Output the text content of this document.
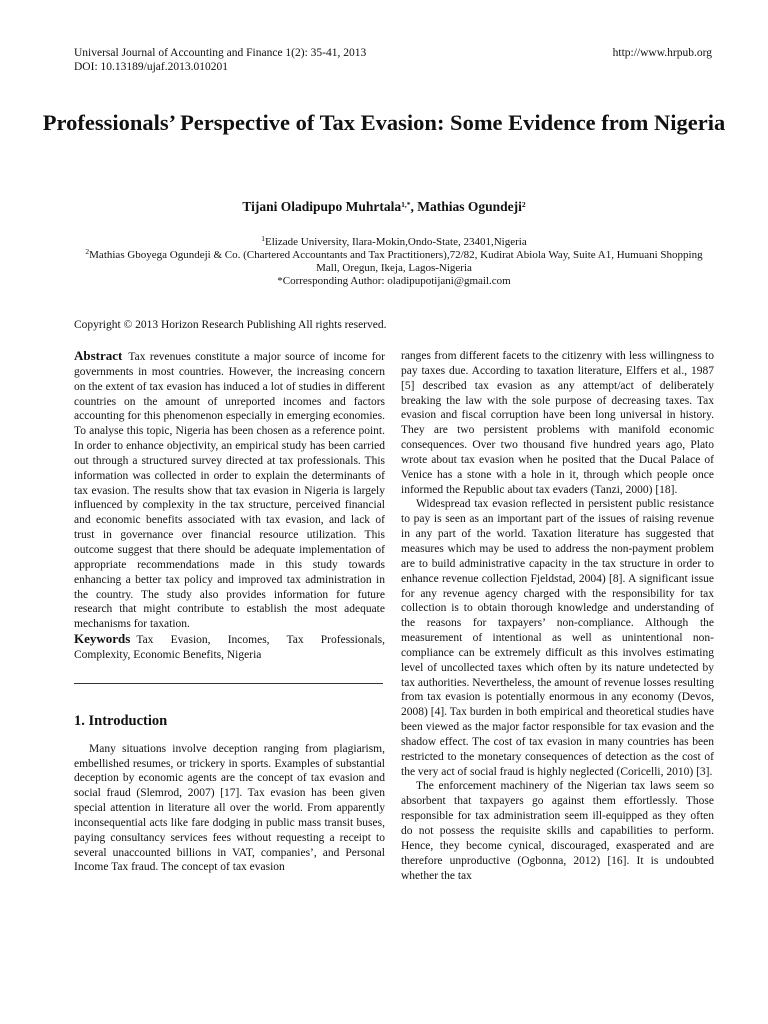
Universal Journal of Accounting and Finance 1(2): 35-41, 2013
DOI: 10.13189/ujaf.2013.010201
http://www.hrpub.org
Professionals’ Perspective of Tax Evasion: Some Evidence from Nigeria
Tijani Oladipupo Muhrtala$^{1,*}$, Mathias Ogundeji$^2$

$^1$Elizade University, Ilara-Mokin,Ondo-State, 23401,Nigeria

$^2$Mathias Gboyega Ogundeji & Co. (Chartered Accountants and Tax Practitioners),72/82, Kudirat Abiola Way, Suite A1, Humuani Shopping Mall, Oregun, Ikeja, Lagos-Nigeria

*Corresponding Author: oladipupotijani@gmail.com

Copyright © 2013 Horizon Research Publishing All rights reserved.

Abstract Tax revenues constitute a major source of income for governments in most countries. However, the increasing concern on the extent of tax evasion has induced a lot of studies in different countries on the amount of unreported incomes and factors accounting for this phenomenon especially in emerging economies. To analyse this topic, Nigeria has been chosen as a reference point. In order to enhance objectivity, an empirical study has been carried out through a structured survey directed at tax professionals. This information was collected in order to explain the determinants of tax evasion. The results show that tax evasion in Nigeria is largely influenced by complexity in the tax structure, perceived financial and economic benefits associated with tax evasion, and lack of trust in governance over financial resource utilization. This outcome suggest that there should be adequate implementation of appropriate recommendations made in this study towards enhancing a better tax policy and improved tax administration in the country. The study also provides information for future research that might contribute to establish the most adequate mechanisms for taxation.

Keywords Tax Evasion, Incomes, Tax Professionals, Complexity, Economic Benefits, Nigeria

1. Introduction

Many situations involve deception ranging from plagiarism, embellished resumes, or trickery in sports. Examples of substantial deception by economic agents are the concept of tax evasion and social fraud (Slemrod, 2007) [17]. Tax evasion has been given special attention in literature all over the world. From apparently inconsequential acts like fare dodging in public mass transit buses, paying consultancy services fees without requesting a receipt to several unaccounted billions in VAT, companies’, and Personal Income Tax fraud. The concept of tax evasion

ranges from different facets to the citizenry with less willingness to pay taxes due. According to taxation literature, Elffers et al., 1987 [5] described tax evasion as any attempt/act of deliberately breaking the law with the sole purpose of decreasing taxes. Tax evasion and fiscal corruption have been long universal in history. They are two persistent problems with manifold economic consequences. Over two thousand five hundred years ago, Plato wrote about tax evasion when he posited that the Ducal Palace of Venice has a stone with a hole in it, through which people once informed the Republic about tax evaders (Tanzi, 2000) [18].

Widespread tax evasion reflected in persistent public resistance to pay is seen as an important part of the issues of raising revenue in any part of the world. Taxation literature has suggested that measures which may be used to address the non-payment problem are to build administrative capacity in the tax structure in order to enhance revenue collection Fjeldstad, 2004) [8]. A significant issue for any revenue agency charged with the responsibility for tax collection is to obtain thorough knowledge and understanding of the reasons for taxpayers’ non-compliance. Although the measurement of intentional as well as unintentional non-compliance can be extremely difficult as this involves estimating level of uncollected taxes which often by its nature undetected by tax authorities. Nevertheless, the amount of revenue losses resulting from tax evasion is potentially enormous in any economy (Devos, 2008) [4]. Tax burden in both empirical and theoretical studies have been viewed as the major factor responsible for tax evasion and the shadow effect. The cost of tax evasion in many countries has been restricted to the monetary consequences of detection as the cost of the very act of social fraud is highly neglected (Coricelli, 2010) [3].

The enforcement machinery of the Nigerian tax laws seem so absorbent that taxpayers go against them effortlessly. Those responsible for tax administration seem ill-equipped as they often do not possess the requisite skills and capabilities to perform. Hence, they become cynical, discouraged, exasperated and are therefore unproductive (Ogbonna, 2012) [16]. It is undoubted whether the tax
